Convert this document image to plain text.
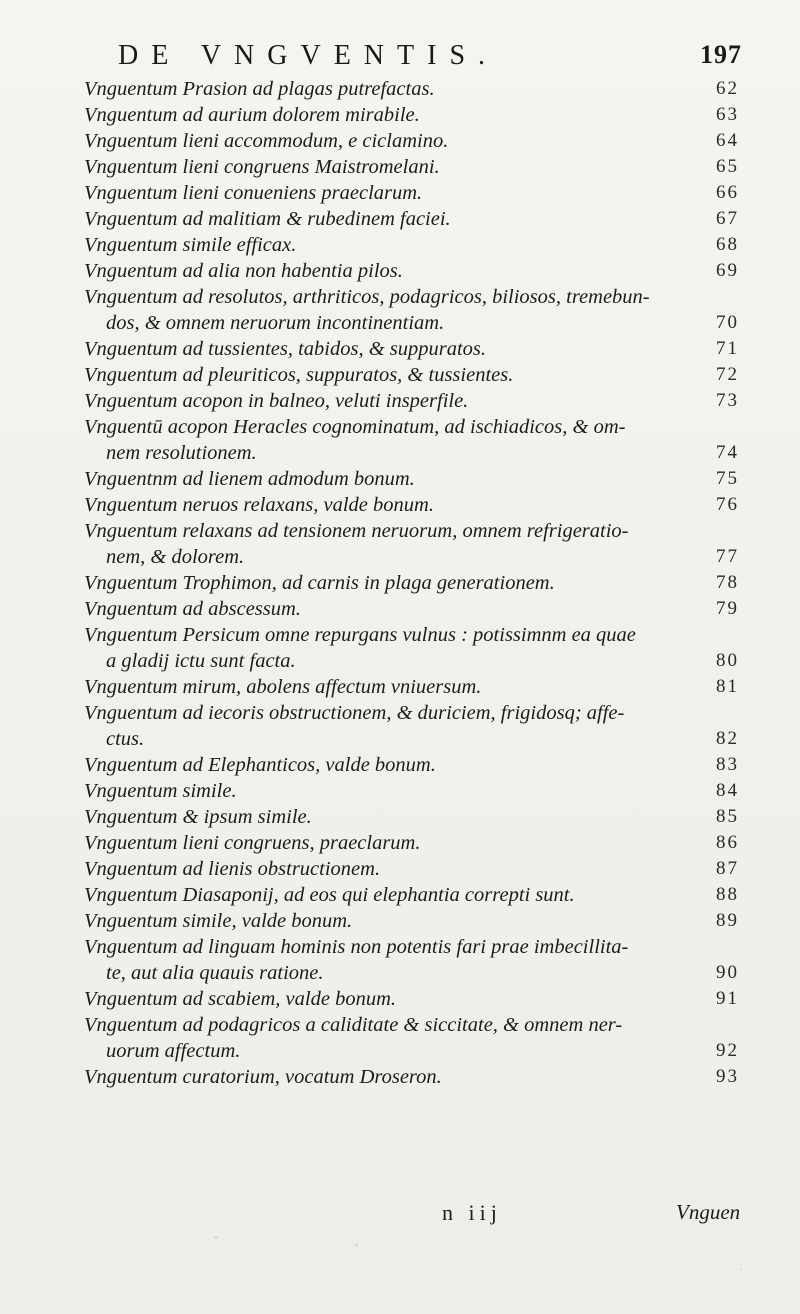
DE VNGVENTIS.	197
Vnguentum Prasion ad plagas putrefactas.	62
Vnguentum ad aurium dolorem mirabile.	63
Vnguentum lieni accommodum, e ciclamino.	64
Vnguentum lieni congruens Maistromelani.	65
Vnguentum lieni conueniens praeclarum.	66
Vnguentum ad malitiam & rubedinem faciei.	67
Vnguentum simile efficax.	68
Vnguentum ad alia non habentia pilos.	69
Vnguentum ad resolutos, arthriticos, podagricos, biliosos, tremebun-
dos, & omnem neruorum incontinentiam.	70
Vnguentum ad tussientes, tabidos, & suppuratos.	71
Vnguentum ad pleuriticos, suppuratos, & tussientes.	72
Vnguentum acopon in balneo, veluti insperfile.	73
Vnguentū acopon Heracles cognominatum, ad ischiadicos, & om-
nem resolutionem.	74
Vnguentnm ad lienem admodum bonum.	75
Vnguentum neruos relaxans, valde bonum.	76
Vnguentum relaxans ad tensionem neruorum, omnem refrigeratio-
nem, & dolorem.	77
Vnguentum Trophimon, ad carnis in plaga generationem.	78
Vnguentum ad abscessum.	79
Vnguentum Persicum omne repurgans vulnus : potissimnm ea quae
a gladij ictu sunt facta.	80
Vnguentum mirum, abolens affectum vniuersum.	81
Vnguentum ad iecoris obstructionem, & duriciem, frigidosq; affe-
ctus.	82
Vnguentum ad Elephanticos, valde bonum.	83
Vnguentum simile.	84
Vnguentum & ipsum simile.	85
Vnguentum lieni congruens, praeclarum.	86
Vnguentum ad lienis obstructionem.	87
Vnguentum Diasaponij, ad eos qui elephantia correpti sunt.	88
Vnguentum simile, valde bonum.	89
Vnguentum ad linguam hominis non potentis fari prae imbecillita-
te, aut alia quauis ratione.	90
Vnguentum ad scabiem, valde bonum.	91
Vnguentum ad podagricos a caliditate & siccitate, & omnem ner-
uorum affectum.	92
Vnguentum curatorium, vocatum Droseron.	93
n iij	Vnguen
